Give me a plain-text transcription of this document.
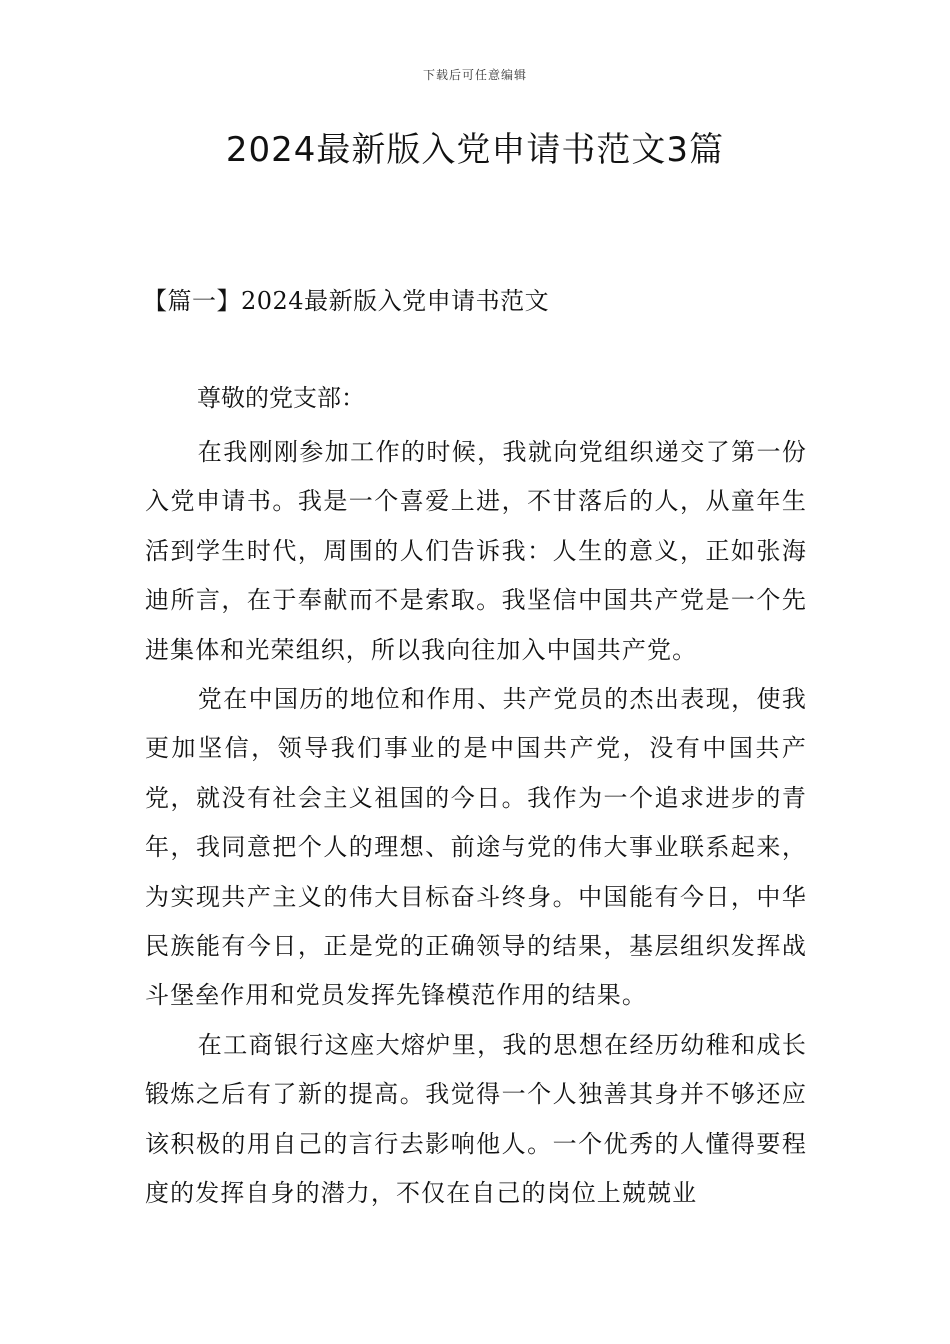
下载后可任意编辑
2024最新版入党申请书范文3篇
【篇一】2024最新版入党申请书范文
尊敬的党支部：

在我刚刚参加工作的时候，我就向党组织递交了第一份入党申请书。我是一个喜爱上进，不甘落后的人，从童年生活到学生时代，周围的人们告诉我：人生的意义，正如张海迪所言，在于奉献而不是索取。我坚信中国共产党是一个先进集体和光荣组织，所以我向往加入中国共产党。

党在中国历的地位和作用、共产党员的杰出表现，使我更加坚信，领导我们事业的是中国共产党，没有中国共产党，就没有社会主义祖国的今日。我作为一个追求进步的青年，我同意把个人的理想、前途与党的伟大事业联系起来，为实现共产主义的伟大目标奋斗终身。中国能有今日，中华民族能有今日，正是党的正确领导的结果，基层组织发挥战斗堡垒作用和党员发挥先锋模范作用的结果。

在工商银行这座大熔炉里，我的思想在经历幼稚和成长锻炼之后有了新的提高。我觉得一个人独善其身并不够还应该积极的用自己的言行去影响他人。一个优秀的人懂得要程度的发挥自身的潜力，不仅在自己的岗位上兢兢业
